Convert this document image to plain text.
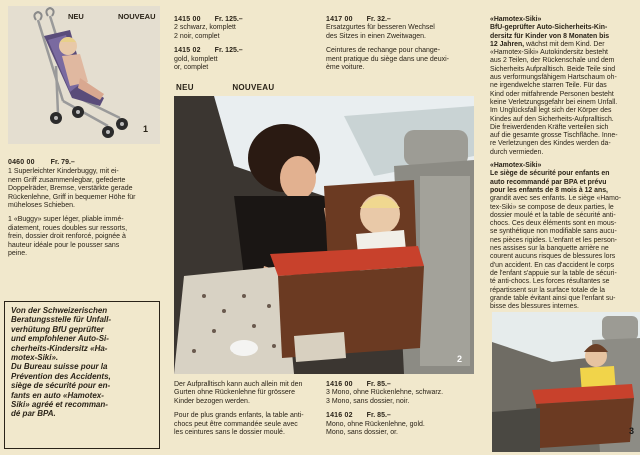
NEU	NOUVEAU
1
0460 00 Fr. 79.–

1 Superleichter Kinderbuggy, mit ei-

nem Griff zusammenlegbar, gefederte

Doppelräder, Bremse, verstärkte gerade

Rückenlehne, Griff in bequemer Höhe für

müheloses Schieben.

1 «Buggy» super léger, pliable immé-

diatement, roues doubles sur ressorts,

frein, dossier droit renforcé, poignée à

hauteur idéale pour le pousser sans

peine.

Von der Schweizerischen

Beratungsstelle für Unfall-

verhütung BfU geprüfter

und empfohlener Auto-Si-

cherheits-Kindersitz «Ha-

motex-Siki».

Du Bureau suisse pour la

Prévention des Accidents,

siège de sécurité pour en-

fants en auto «Hamotex-

Siki» agréé et recomman-

dé par BPA.

1415 00 Fr. 125.–

2 schwarz, komplett

2 noir, complet

1415 02 Fr. 125.–

gold, komplett

or, complet

1417 00 Fr. 32.–

Ersatzgurtes für besseren Wechsel

des Sitzes in einen Zweitwagen.

Ceintures de rechange pour change-

ment pratique du siège dans une deuxi-

ème voiture.

NEU	NOUVEAU
2

Der Aufpralltisch kann auch allein mit den

Gurten ohne Rückenlehne für grössere

Kinder bezogen werden.

Pour de plus grands enfants, la table anti-

chocs peut être commandée seule avec

les ceintures sans le dossier moulé.

1416 00 Fr. 85.–

3 Mono, ohne Rückenlehne, schwarz.

3 Mono, sans dossier, noir.

1416 02 Fr. 85.–

Mono, ohne Rückenlehne, gold.

Mono, sans dossier, or.

«Hamotex-Siki»

BfU-geprüfter Auto-Sicherheits-Kin-

dersitz für Kinder von 8 Monaten bis

12 Jahren, wächst mit dem Kind. Der

«Hamotex-Siki» Autokindersitz besteht

aus 2 Teilen, der Rückenschale und dem

Sicherheits Aufpralltisch. Beide Teile sind

aus verformungsfähigem Hartschaum oh-

ne irgendwelche starren Teile. Für das

Kind oder mitfahrende Personen besteht

keine Verletzungsgefahr bei einem Unfall.

Im Unglücksfall legt sich der Körper des

Kindes auf den Sicherheits-Aufpralltisch.

Die freiwerdenden Kräfte verteilen sich

auf die gesamte grosse Tischfläche. Inne-

re Verletzungen des Kindes werden da-

durch vermieden.

«Hamotex-Siki»

Le siège de sécurité pour enfants en

auto recommandé par BPA et prévu

pour les enfants de 8 mois à 12 ans,

grandit avec ses enfants. Le siège «Hamo-

tex-Siki» se compose de deux parties, le

dossier moulé et la table de sécurité anti-

chocs. Ces deux éléments sont en mous-

se synthétique non modifiable sans aucu-

nes pièces rigides. L'enfant et les person-

nes assises sur la banquette arrière ne

courent aucuns risques de blessures lors

d'un accident. En cas d'accident le corps

de l'enfant s'appuie sur la table de sécuri-

té anti-chocs. Les forces résultantes se

répartissent sur la surface totale de la

grande table évitant ainsi que l'enfant su-

bisse des blessures internes.

3
